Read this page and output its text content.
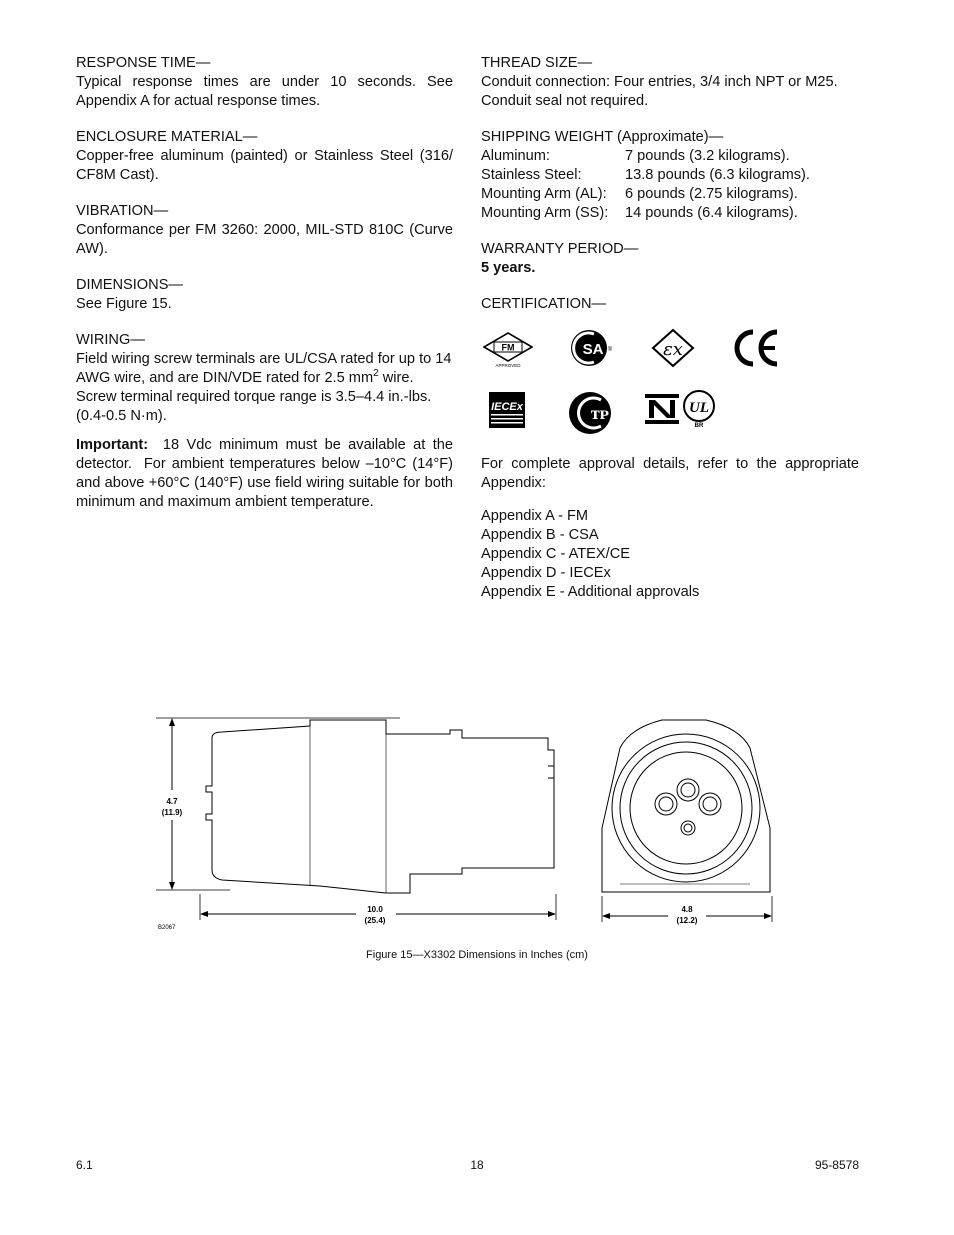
RESPONSE TIME—
Typical response times are under 10 seconds. See Appendix A for actual response times.
ENCLOSURE MATERIAL—
Copper-free aluminum (painted) or Stainless Steel (316/ CF8M Cast).
VIBRATION—
Conformance per FM 3260: 2000, MIL-STD 810C (Curve AW).
DIMENSIONS—
See Figure 15.
WIRING—
Field wiring screw terminals are UL/CSA rated for up to 14 AWG wire, and are DIN/VDE rated for 2.5 $mm^2$ wire. Screw terminal required torque range is 3.5–4.4 in.-lbs. (0.4-0.5 N·m).
Important:  18 Vdc minimum must be available at the detector.  For ambient temperatures below –10°C (14°F) and above +60°C (140°F) use field wiring suitable for both minimum and maximum ambient temperature.
THREAD SIZE—
Conduit connection: Four entries, 3/4 inch NPT or M25. Conduit seal not required.
SHIPPING WEIGHT (Approximate)—
Aluminum:	7 pounds (3.2 kilograms).
Stainless Steel:	13.8 pounds (6.3 kilograms).
Mounting Arm (AL):	6 pounds (2.75 kilograms).
Mounting Arm (SS):	14 pounds (6.4 kilograms).
WARRANTY PERIOD—
5 years.
CERTIFICATION—
FM
APPROVED
SA ®	εx
CE
IECEx	ᴛᴘ	UL
BR
For complete approval details, refer to the appropriate Appendix:
Appendix A - FM
Appendix B - CSA
Appendix C - ATEX/CE
Appendix D - IECEx
Appendix E - Additional approvals
4.7
(11.9)
10.0
(25.4)
4.8
(12.2)
B2067
Figure 15—X3302 Dimensions in Inches (cm)
6.1	18	95-8578
